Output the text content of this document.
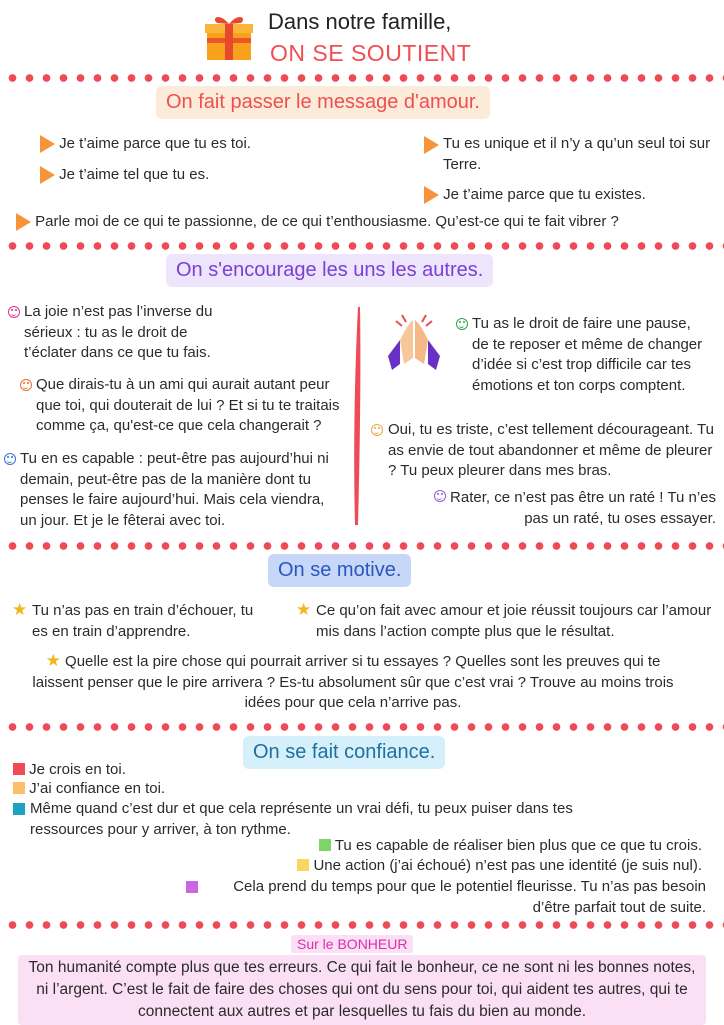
Dans notre famille,
ON SE SOUTIENT
On fait passer le message d'amour.
Je t’aime parce que tu es toi.
Je t’aime tel que tu es.
Tu es unique et il n’y a qu’un seul toi sur Terre.
Je t’aime parce que tu existes.
Parle moi de ce qui te passionne, de ce qui t’enthousiasme. Qu’est-ce qui te fait vibrer ?
On s'encourage les uns les autres.
La joie n’est pas l’inverse du sérieux : tu as le droit de t’éclater dans ce que tu fais.
Que dirais-tu à un ami qui aurait autant peur que toi, qui douterait de lui ? Et si tu te traitais comme ça, qu'est-ce que cela changerait ?
Tu en es capable : peut-être pas aujourd’hui ni demain, peut-être pas de la manière dont tu penses le faire aujourd’hui. Mais cela viendra, un jour. Et je le fêterai avec toi.
Tu as le droit de faire une pause, de te reposer et même de changer d’idée si c’est trop difficile car tes émotions et ton corps comptent.
Oui, tu es triste, c’est tellement décourageant. Tu as envie de tout abandonner et même de pleurer ? Tu peux pleurer dans mes bras.
Rater, ce n’est pas être un raté ! Tu n’es pas un raté, tu oses essayer.
On se motive.
★ Tu n’as pas en train d’échouer, tu es en train d’apprendre.
★ Ce qu’on fait avec amour et joie réussit toujours car l’amour mis dans l’action compte plus que le résultat.
★ Quelle est la pire chose qui pourrait arriver si tu essayes ? Quelles sont les preuves qui te laissent penser que le pire arrivera ? Es-tu absolument sûr que c’est vrai ? Trouve au moins trois idées pour que cela n’arrive pas.
On se fait confiance.
Je crois en toi.
J’ai confiance en toi.
Même quand c’est dur et que cela représente un vrai défi, tu peux puiser dans tes ressources pour y arriver, à ton rythme.
Tu es capable de réaliser bien plus que ce que tu crois.
Une action (j’ai échoué) n’est pas une identité (je suis nul).
Cela prend du temps pour que le potentiel fleurisse. Tu n’as pas besoin d’être parfait tout de suite.
Sur le BONHEUR
Ton humanité compte plus que tes erreurs. Ce qui fait le bonheur, ce ne sont ni les bonnes notes, ni l’argent. C’est le fait de faire des choses qui ont du sens pour toi, qui aident tes autres, qui te connectent aux autres et par lesquelles tu fais du bien au monde.
